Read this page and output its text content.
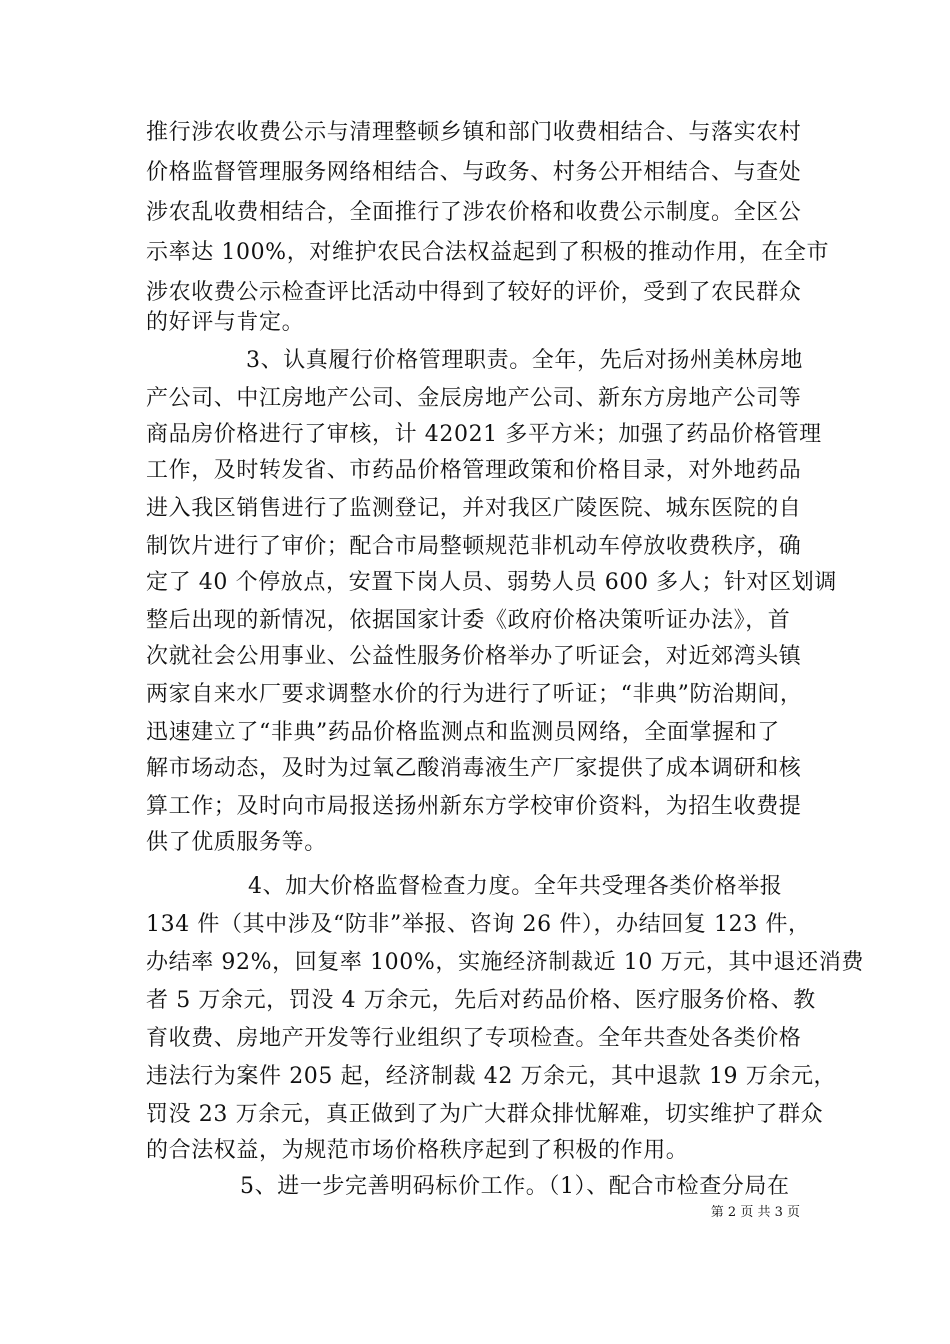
推行涉农收费公示与清理整顿乡镇和部门收费相结合、与落实农村
价格监督管理服务网络相结合、与政务、村务公开相结合、与查处
涉农乱收费相结合，全面推行了涉农价格和收费公示制度。全区公
示率达 100%，对维护农民合法权益起到了积极的推动作用，在全市
涉农收费公示检查评比活动中得到了较好的评价，受到了农民群众
的好评与肯定。
3、认真履行价格管理职责。全年，先后对扬州美林房地
产公司、中江房地产公司、金辰房地产公司、新东方房地产公司等
商品房价格进行了审核，计 42021 多平方米；加强了药品价格管理
工作，及时转发省、市药品价格管理政策和价格目录，对外地药品
进入我区销售进行了监测登记，并对我区广陵医院、城东医院的自
制饮片进行了审价；配合市局整顿规范非机动车停放收费秩序，确
定了 40 个停放点，安置下岗人员、弱势人员 600 多人；针对区划调
整后出现的新情况，依据国家计委《政府价格决策听证办法》，首
次就社会公用事业、公益性服务价格举办了听证会，对近郊湾头镇
两家自来水厂要求调整水价的行为进行了听证；“非典”防治期间，
迅速建立了“非典”药品价格监测点和监测员网络，全面掌握和了
解市场动态，及时为过氧乙酸消毒液生产厂家提供了成本调研和核
算工作；及时向市局报送扬州新东方学校审价资料，为招生收费提
供了优质服务等。
4、加大价格监督检查力度。全年共受理各类价格举报
134 件（其中涉及“防非”举报、咨询 26 件），办结回复 123 件，
办结率 92%，回复率 100%，实施经济制裁近 10 万元，其中退还消费
者 5 万余元，罚没 4 万余元，先后对药品价格、医疗服务价格、教
育收费、房地产开发等行业组织了专项检查。全年共查处各类价格
违法行为案件 205 起，经济制裁 42 万余元，其中退款 19 万余元，
罚没 23 万余元，真正做到了为广大群众排忧解难，切实维护了群众
的合法权益，为规范市场价格秩序起到了积极的作用。
5、进一步完善明码标价工作。（1）、配合市检查分局在
第 2 页 共 3 页
